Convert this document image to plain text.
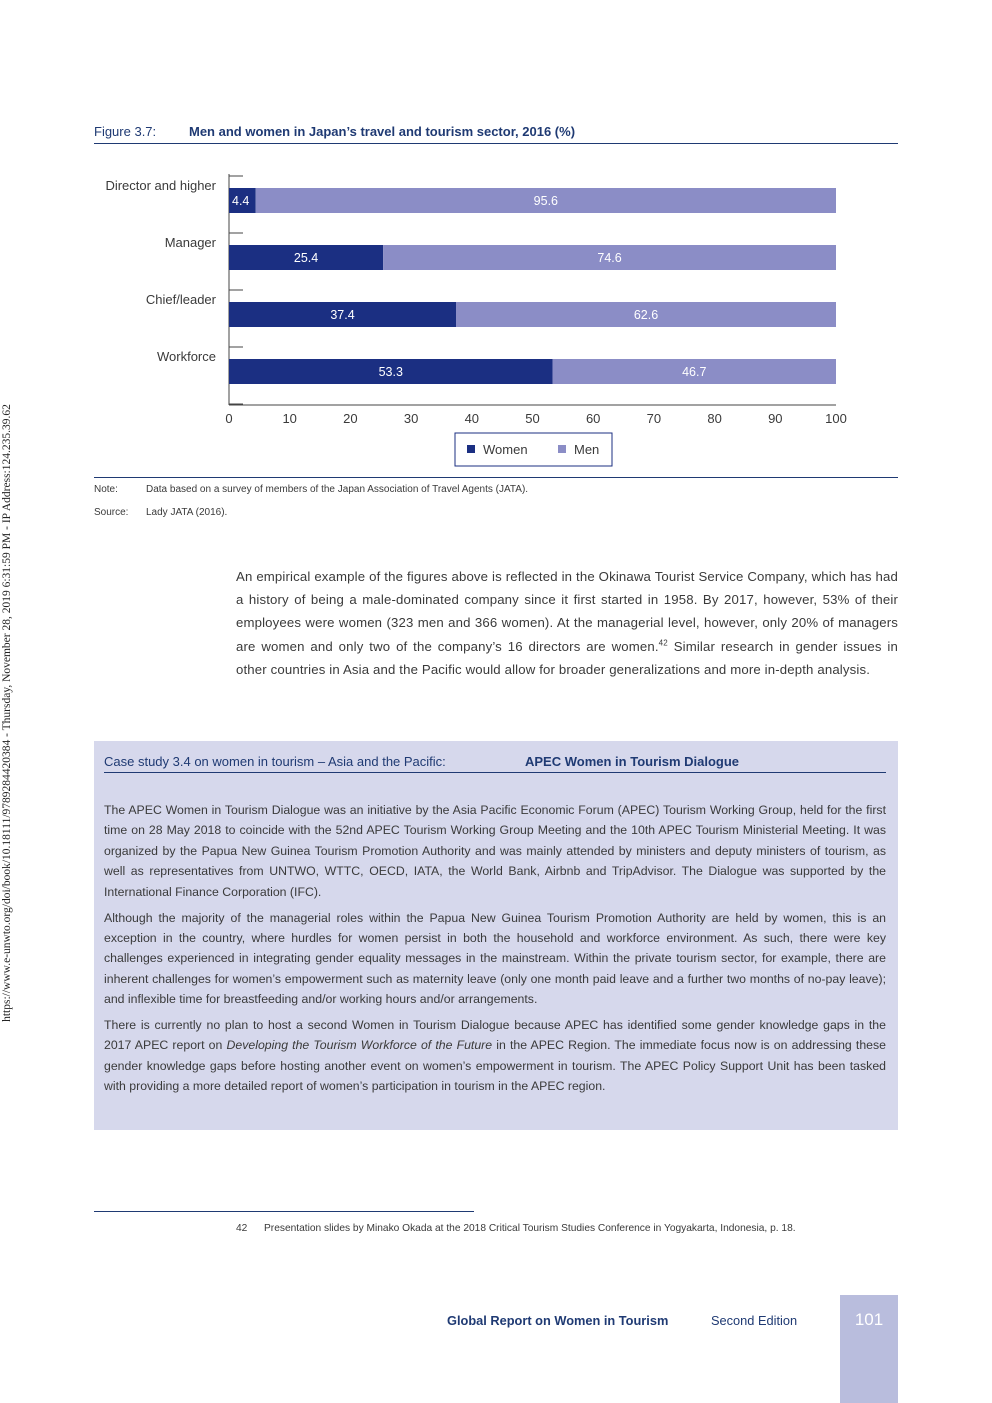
https://www.e-unwto.org/doi/book/10.18111/9789284420384 - Thursday, November 28, 2019 6:31:59 PM - IP Address:124.235.39.62
Figure 3.7:	Men and women in Japan’s travel and tourism sector, 2016 (%)
Director and higher
4.4	95.6
Manager
25.4	74.6
Chief/leader
37.4	62.6
Workforce
53.3	46.7
0	10	20	30	40	50	60	70	80	90	100
Women	Men
Note:	Data based on a survey of members of the Japan Association of Travel Agents (JATA).
Source:	Lady JATA (2016).

An empirical example of the figures above is reflected in the Okinawa Tourist Service Company, which has had a history of being a male-dominated company since it first started in 1958. By 2017, however, 53% of their employees were women (323 men and 366 women). At the managerial level, however, only 20% of managers are women and only two of the company’s 16 directors are women.$^{42}$ Similar research in gender issues in other countries in Asia and the Pacific would allow for broader generalizations and more in-depth analysis.

Case study 3.4 on women in tourism – Asia and the Pacific:	APEC Women in Tourism Dialogue

The APEC Women in Tourism Dialogue was an initiative by the Asia Pacific Economic Forum (APEC) Tourism Working Group, held for the first time on 28 May 2018 to coincide with the 52nd APEC Tourism Working Group Meeting and the 10th APEC Tourism Ministerial Meeting. It was organized by the Papua New Guinea Tourism Promotion Authority and was mainly attended by ministers and deputy ministers of tourism, as well as representatives from UNTWO, WTTC, OECD, IATA, the World Bank, Airbnb and TripAdvisor. The Dialogue was supported by the International Finance Corporation (IFC).

Although the majority of the managerial roles within the Papua New Guinea Tourism Promotion Authority are held by women, this is an exception in the country, where hurdles for women persist in both the household and workforce environment. As such, there were key challenges experienced in integrating gender equality messages in the mainstream. Within the private tourism sector, for example, there are inherent challenges for women’s empowerment such as maternity leave (only one month paid leave and a further two months of no-pay leave); and inflexible time for breastfeeding and/or working hours and/or arrangements.

There is currently no plan to host a second Women in Tourism Dialogue because APEC has identified some gender knowledge gaps in the 2017 APEC report on Developing the Tourism Workforce of the Future in the APEC Region. The immediate focus now is on addressing these gender knowledge gaps before hosting another event on women’s empowerment in tourism. The APEC Policy Support Unit has been tasked with providing a more detailed report of women’s participation in tourism in the APEC region.

42 Presentation slides by Minako Okada at the 2018 Critical Tourism Studies Conference in Yogyakarta, Indonesia, p. 18.
Global Report on Women in Tourism	Second Edition	101
